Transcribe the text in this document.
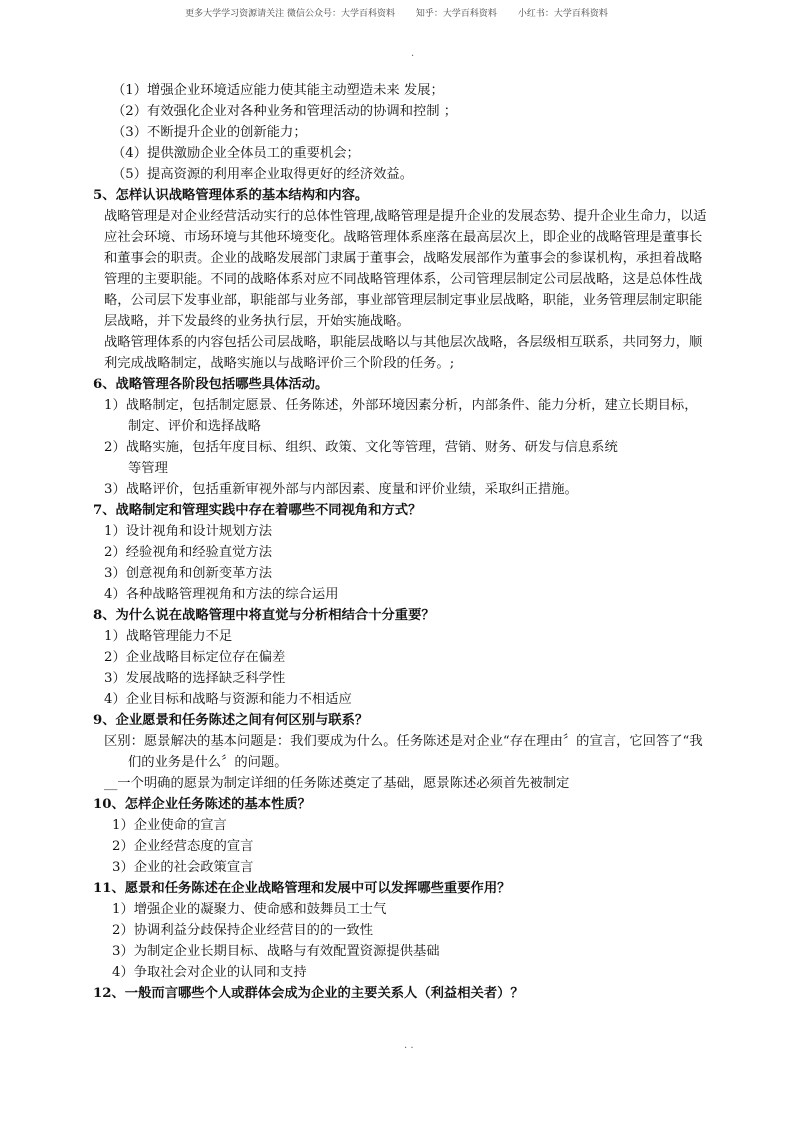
更多大学学习资源请关注 微信公众号：大学百科资料 知乎：大学百科资料 小红书：大学百科资料
.
（1）增强企业环境适应能力使其能主动塑造未来 发展；
（2）有效强化企业对各种业务和管理活动的协调和控制 ；
（3）不断提升企业的创新能力；
（4）提供激励企业全体员工的重要机会；
（5）提高资源的利用率企业取得更好的经济效益。
5、怎样认识战略管理体系的基本结构和内容。
战略管理是对企业经营活动实行的总体性管理,战略管理是提升企业的发展态势、提升企业生命力，以适
应社会环境、市场环境与其他环境变化。战略管理体系座落在最高层次上，即企业的战略管理是董事长
和董事会的职责。企业的战略发展部门隶属于董事会，战略发展部作为董事会的参谋机构，承担着战略
管理的主要职能。不同的战略体系对应不同战略管理体系，公司管理层制定公司层战略，这是总体性战
略，公司层下发事业部，职能部与业务部，事业部管理层制定事业层战略，职能，业务管理层制定职能
层战略，并下发最终的业务执行层，开始实施战略。
战略管理体系的内容包括公司层战略，职能层战略以与其他层次战略，各层级相互联系，共同努力，顺
利完成战略制定，战略实施以与战略评价三个阶段的任务。;
6、战略管理各阶段包括哪些具体活动。
1）战略制定，包括制定愿景、任务陈述，外部环境因素分析，内部条件、能力分析，建立长期目标，
制定、评价和选择战略
2）战略实施，包括年度目标、组织、政策、文化等管理，营销、财务、研发与信息系统
等管理
3）战略评价，包括重新审视外部与内部因素、度量和评价业绩，采取纠正措施。
7、战略制定和管理实践中存在着哪些不同视角和方式？
1）设计视角和设计规划方法
2）经验视角和经验直觉方法
3）创意视角和创新变革方法
4）各种战略管理视角和方法的综合运用
8、为什么说在战略管理中将直觉与分析相结合十分重要？
1）战略管理能力不足
2）企业战略目标定位存在偏差
3）发展战略的选择缺乏科学性
4）企业目标和战略与资源和能力不相适应
9、企业愿景和任务陈述之间有何区别与联系？
区别：愿景解决的基本问题是：我们要成为什么。任务陈述是对企业“存在理由〞的宣言，它回答了“我
们的业务是什么〞的问题。
__一个明确的愿景为制定详细的任务陈述奠定了基础，愿景陈述必须首先被制定
10、怎样企业任务陈述的基本性质？
1）企业使命的宣言
2）企业经营态度的宣言
3）企业的社会政策宣言
11、愿景和任务陈述在企业战略管理和发展中可以发挥哪些重要作用？
1）增强企业的凝聚力、使命感和鼓舞员工士气
2）协调利益分歧保持企业经营目的的一致性
3）为制定企业长期目标、战略与有效配置资源提供基础
4）争取社会对企业的认同和支持
12、一般而言哪些个人或群体会成为企业的主要关系人（利益相关者）？
. .
